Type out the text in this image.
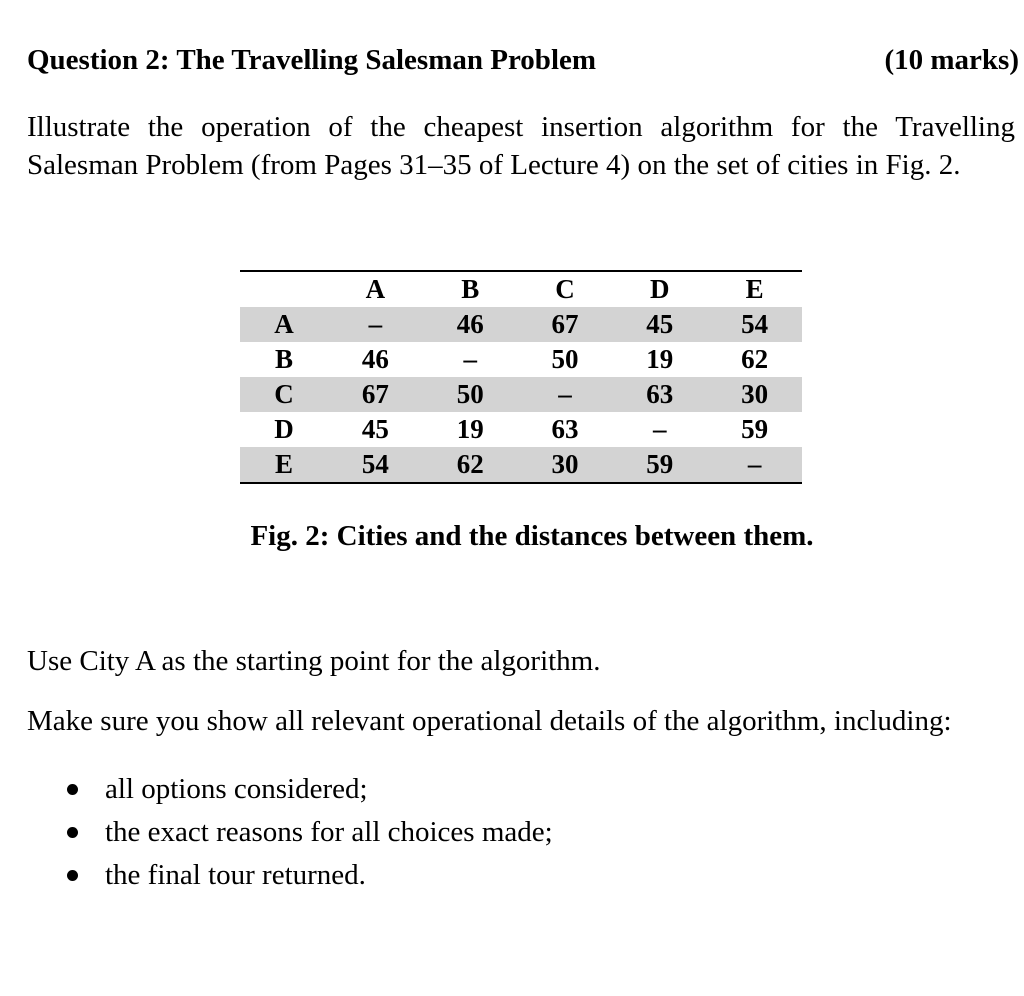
Question 2: The Travelling Salesman Problem	(10 marks)
Illustrate the operation of the cheapest insertion algorithm for the Travelling
Salesman Problem (from Pages 31–35 of Lecture 4) on the set of cities in Fig. 2.
	A	B	C	D	E
A	–	46	67	45	54
B	46	–	50	19	62
C	67	50	–	63	30
D	45	19	63	–	59
E	54	62	30	59	–
Fig. 2: Cities and the distances between them.
Use City A as the starting point for the algorithm.
Make sure you show all relevant operational details of the algorithm, including:
all options considered;
the exact reasons for all choices made;
the final tour returned.
